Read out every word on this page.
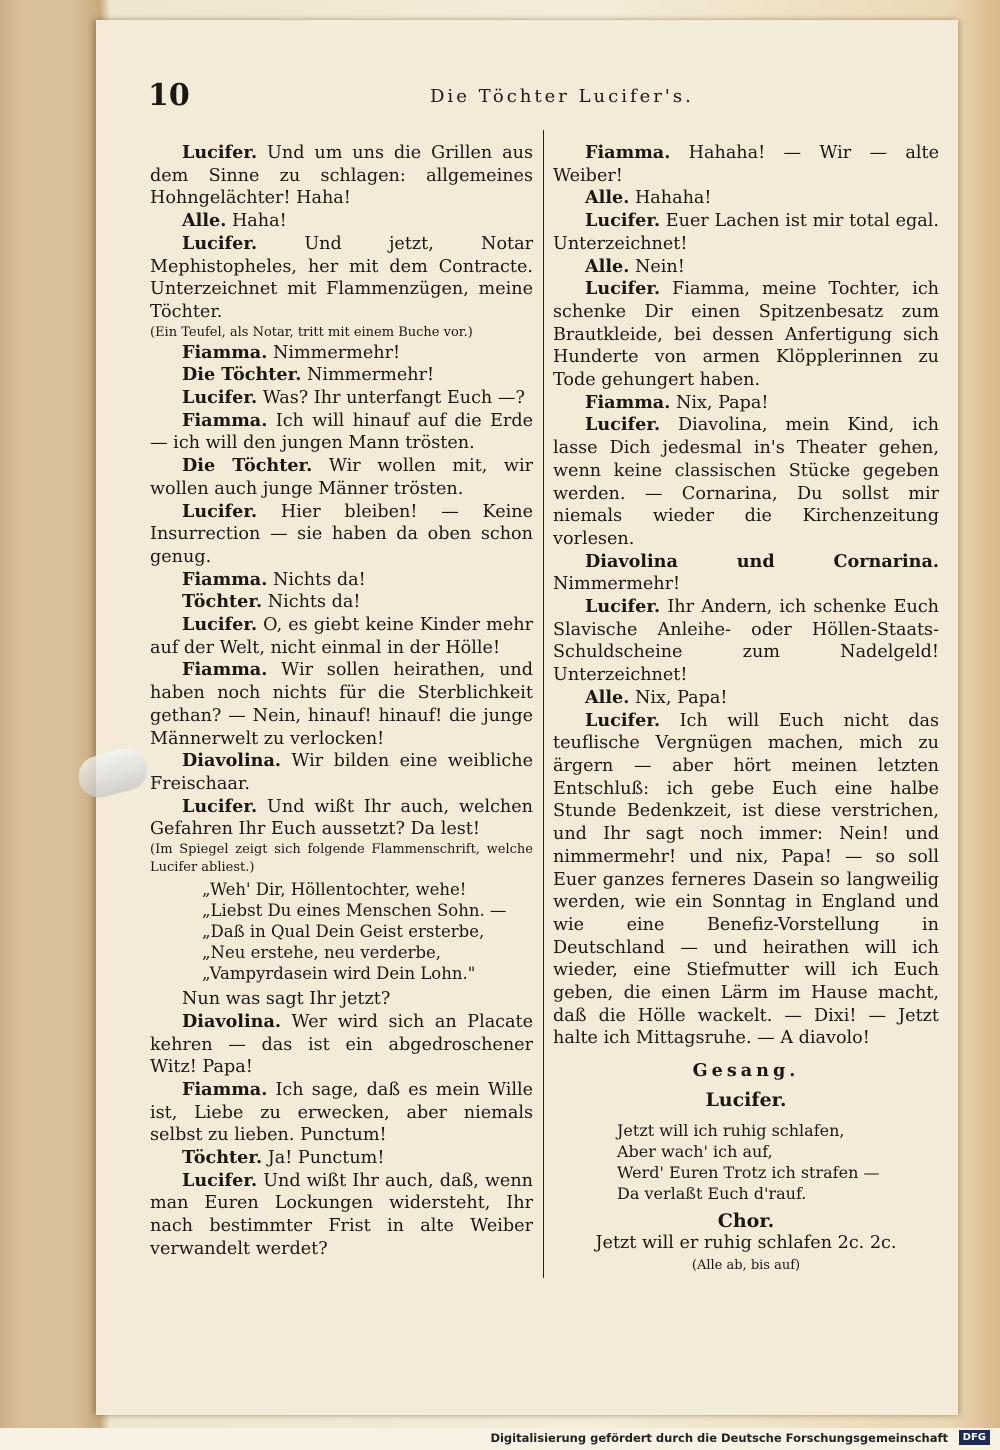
10	Die Töchter Lucifer's.

Lucifer. Und um uns die Grillen aus dem Sinne zu schlagen: allgemeines Hohngelächter! Haha!

Alle. Haha!

Lucifer.	Und jetzt, Notar Mephistopheles, her mit dem Contracte. Unterzeichnet mit Flammenzügen, meine Töchter.

(Ein Teufel, als Notar, tritt mit einem Buche vor.)

Fiamma. Nimmermehr!

Die Töchter. Nimmermehr!

Lucifer. Was? Ihr unterfangt Euch —?

Fiamma. Ich will hinauf auf die Erde — ich will den jungen Mann trösten.

Die Töchter. Wir wollen mit, wir wollen auch junge Männer trösten.

Lucifer. Hier bleiben! — Keine Insurrection — sie haben da oben schon genug.

Fiamma. Nichts da!

Töchter. Nichts da!

Lucifer. O, es giebt keine Kinder mehr auf der Welt, nicht einmal in der Hölle!

Fiamma. Wir sollen heirathen, und haben noch nichts für die Sterblichkeit gethan? — Nein, hinauf! hinauf! die junge Männerwelt zu verlocken!

Diavolina. Wir bilden eine weibliche Freischaar.

Lucifer. Und wißt Ihr auch, welchen Gefahren Ihr Euch aussetzt? Da lest!

(Im Spiegel zeigt sich folgende Flammenschrift, welche Lucifer abliest.)

„Weh' Dir, Höllentochter, wehe!
„Liebst Du eines Menschen Sohn. —
„Daß in Qual Dein Geist ersterbe,
„Neu erstehe, neu verderbe,
„Vampyrdasein wird Dein Lohn."

Nun was sagt Ihr jetzt?

Diavolina. Wer wird sich an Placate kehren — das ist ein abgedroschener Witz! Papa!

Fiamma. Ich sage, daß es mein Wille ist, Liebe zu erwecken, aber niemals selbst zu lieben. Punctum!

Töchter. Ja! Punctum!

Lucifer. Und wißt Ihr auch, daß, wenn man Euren Lockungen widersteht, Ihr nach bestimmter Frist in alte Weiber verwandelt werdet?

Fiamma. Hahaha! — Wir — alte Weiber!

Alle. Hahaha!

Lucifer. Euer Lachen ist mir total egal. Unterzeichnet!

Alle. Nein!

Lucifer. Fiamma, meine Tochter, ich schenke Dir einen Spitzenbesatz zum Brautkleide, bei dessen Anfertigung sich Hunderte von armen Klöpplerinnen zu Tode gehungert haben.

Fiamma. Nix, Papa!

Lucifer. Diavolina, mein Kind, ich lasse Dich jedesmal in's Theater gehen, wenn keine classischen Stücke gegeben werden. — Cornarina, Du sollst mir niemals wieder die Kirchenzeitung vorlesen.

Diavolina und Cornarina. Nimmermehr!

Lucifer. Ihr Andern, ich schenke Euch Slavische Anleihe- oder Höllen-Staats-Schuldscheine zum Nadelgeld! Unterzeichnet!

Alle. Nix, Papa!

Lucifer. Ich will Euch nicht das teuflische Vergnügen machen, mich zu ärgern — aber hört meinen letzten Entschluß: ich gebe Euch eine halbe Stunde Bedenkzeit, ist diese verstrichen, und Ihr sagt noch immer: Nein! und nimmermehr! und nix, Papa! — so soll Euer ganzes ferneres Dasein so langweilig werden, wie ein Sonntag in England und wie eine Benefiz-Vorstellung in Deutschland — und heirathen will ich wieder, eine Stiefmutter will ich Euch geben, die einen Lärm im Hause macht, daß die Hölle wackelt. — Dixi! — Jetzt halte ich Mittagsruhe. — A diavolo!

Gesang.

Lucifer.

Jetzt will ich ruhig schlafen,
Aber wach' ich auf,
Werd' Euren Trotz ich strafen —
Da verlaßt Euch d'rauf.

Chor.

Jetzt will er ruhig schlafen 2c. 2c.

(Alle ab, bis auf)

Digitalisierung gefördert durch die Deutsche Forschungsgemeinschaft	DFG
